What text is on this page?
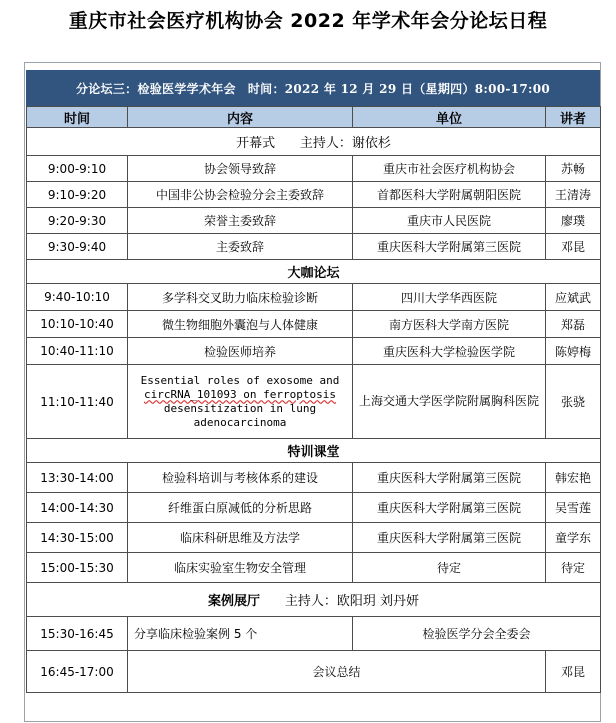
重庆市社会医疗机构协会 2022 年学术年会分论坛日程
分论坛三：检验医学学术年会 时间：2022 年 12 月 29 日（星期四）8:00-17:00
时间	内容	单位	讲者
开幕式 主持人：谢依杉			
9:00-9:10	协会领导致辞	重庆市社会医疗机构协会	苏畅
9:10-9:20	中国非公协会检验分会主委致辞	首都医科大学附属朝阳医院	王清涛
9:20-9:30	荣誉主委致辞	重庆市人民医院	廖璞
9:30-9:40	主委致辞	重庆医科大学附属第三医院	邓昆
大咖论坛			
9:40-10:10	多学科交叉助力临床检验诊断	四川大学华西医院	应斌武
10:10-10:40	微生物细胞外囊泡与人体健康	南方医科大学南方医院	郑磊
10:40-11:10	检验医师培养	重庆医科大学检验医学院	陈婷梅
11:10-11:40	Essential roles of exosome and
circRNA_101093 on ferroptosis
desensitization in lung
adenocarcinoma	上海交通大学医学院附属胸科医院	张骁
特训课堂			
13:30-14:00	检验科培训与考核体系的建设	重庆医科大学附属第三医院	韩宏艳
14:00-14:30	纤维蛋白原减低的分析思路	重庆医科大学附属第三医院	吴雪莲
14:30-15:00	临床科研思维及方法学	重庆医科大学附属第三医院	童学东
15:00-15:30	临床实验室生物安全管理	待定	待定
案例展厅 主持人：欧阳玥 刘丹妍			
15:30-16:45	分享临床检验案例 5 个	检验医学分会全委会	
16:45-17:00	会议总结		邓昆
